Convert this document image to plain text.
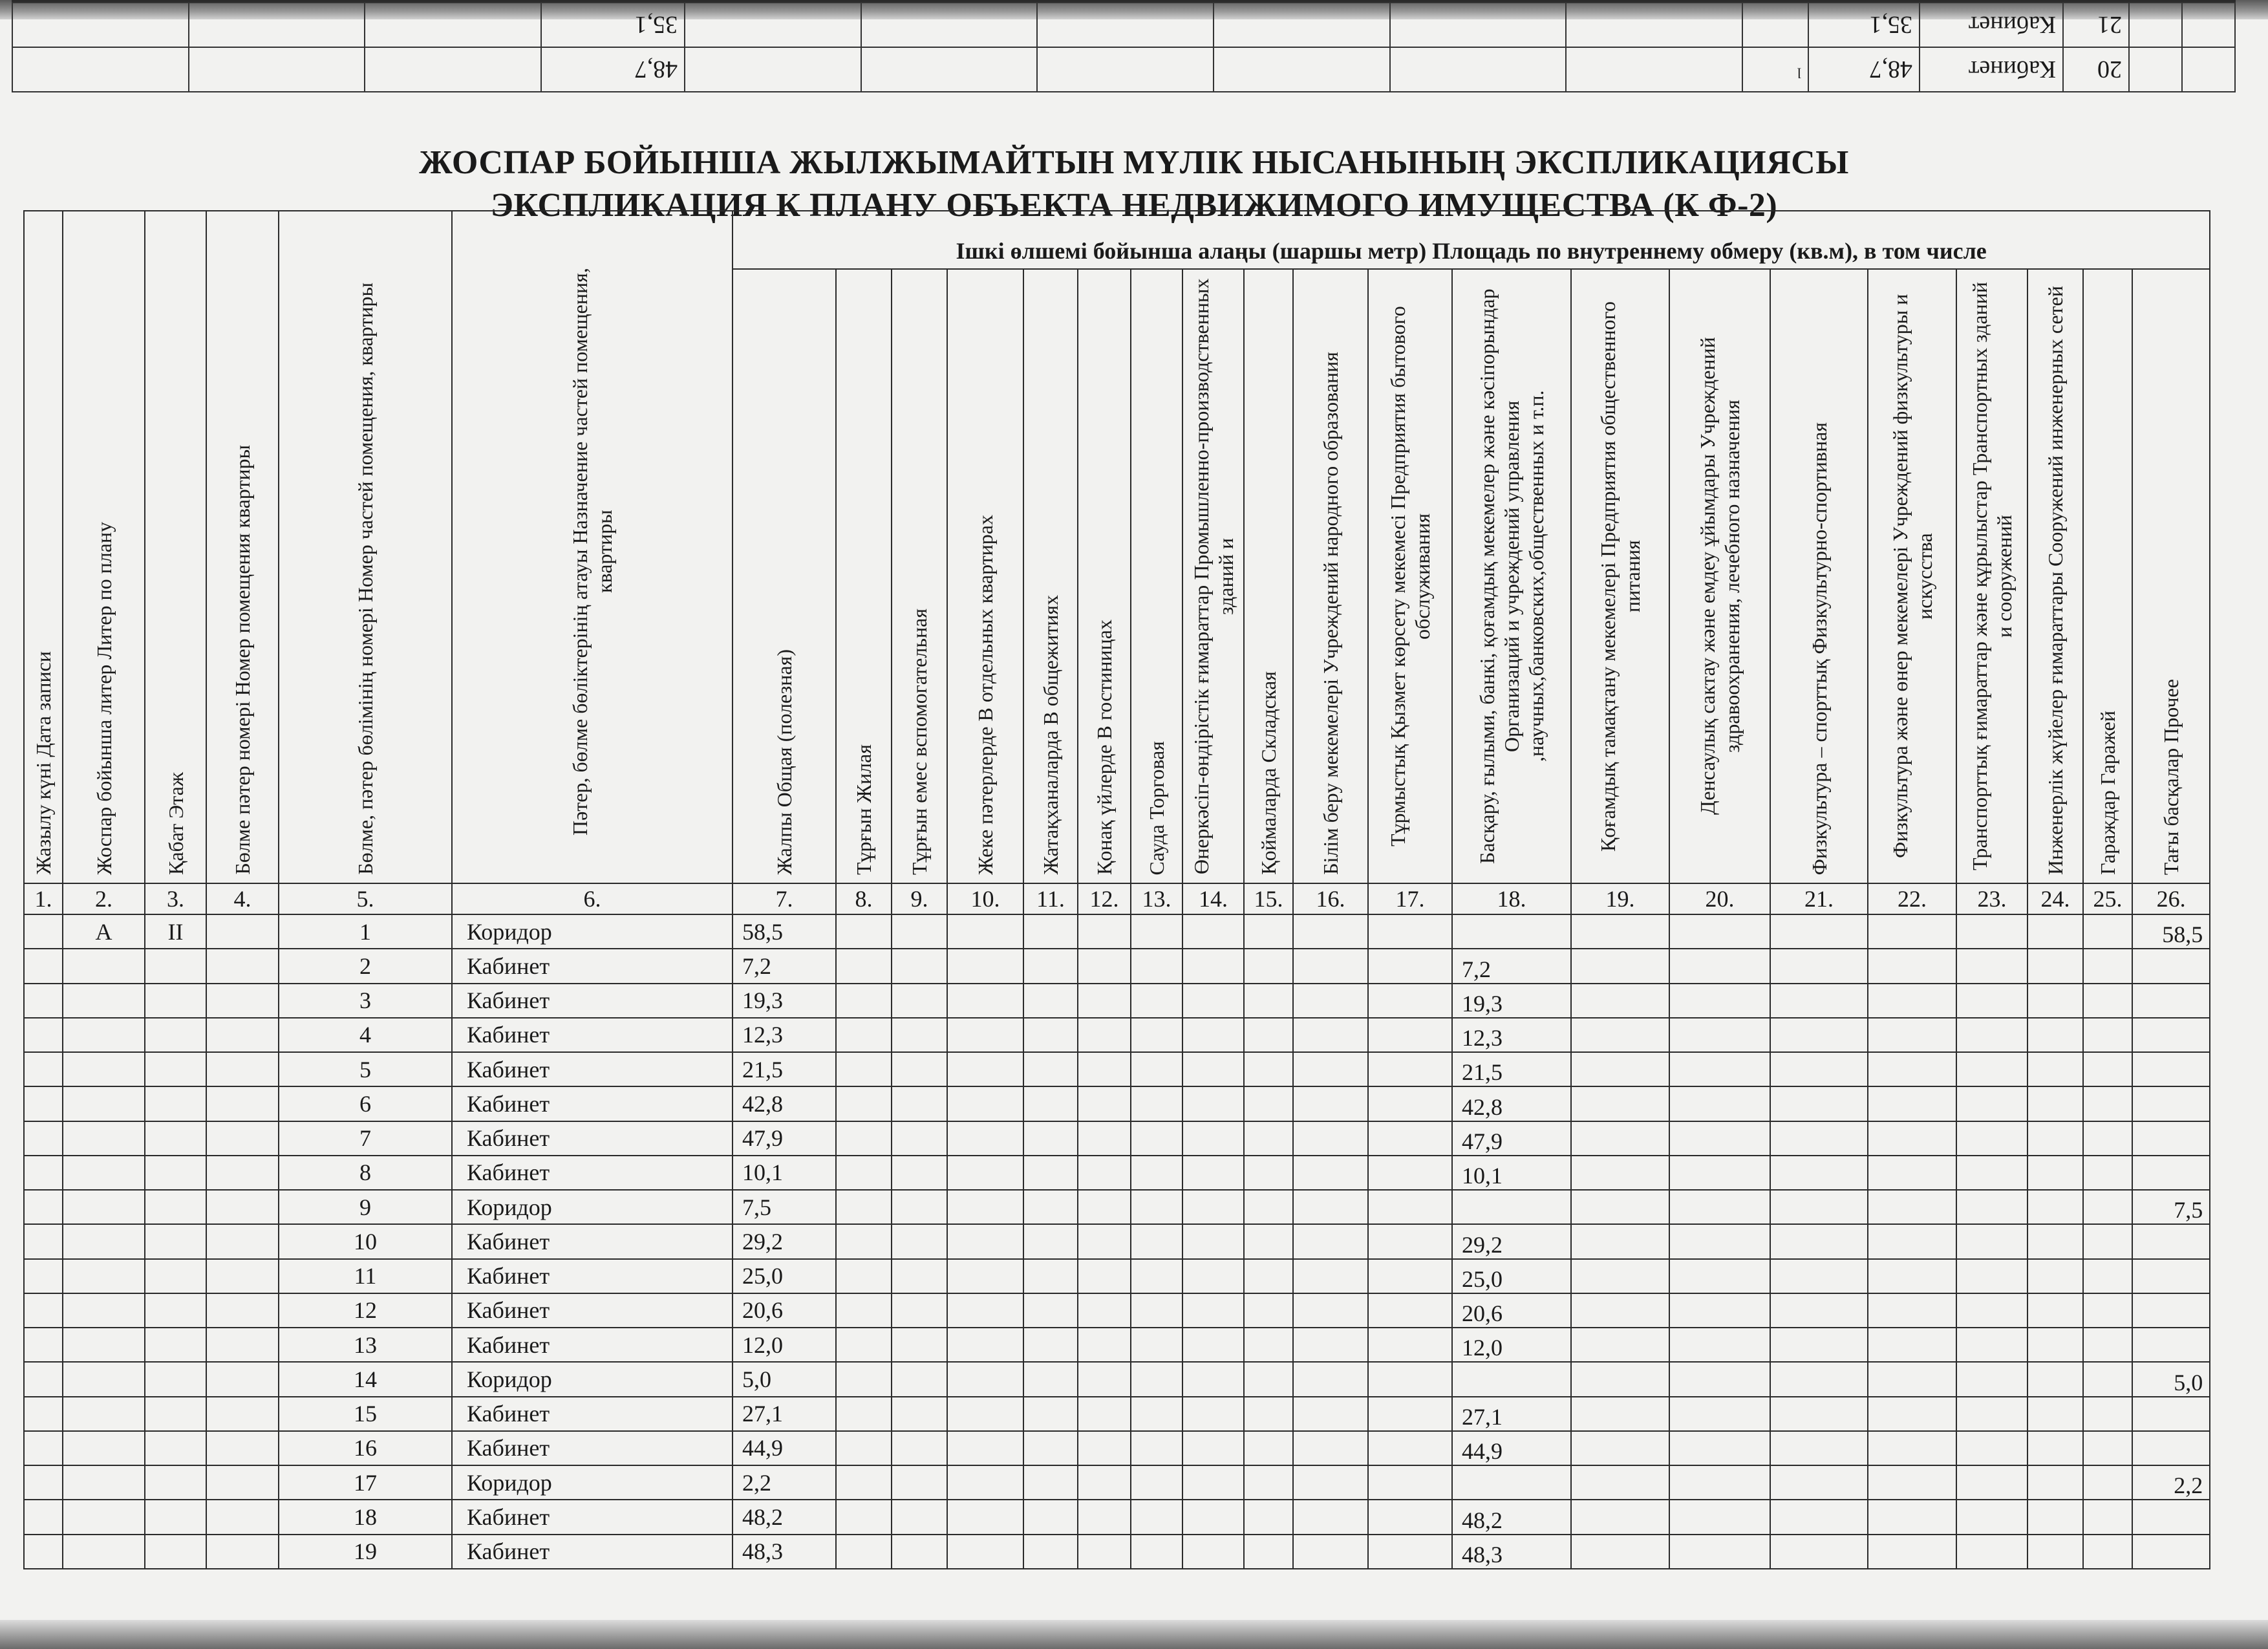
		20	Кабинет	48,7	ˡ							48,7			
		21	Кабинет	35,1								35,1			
ЖОСПАР БОЙЫНША ЖЫЛЖЫМАЙТЫН МҮЛІК НЫСАНЫНЫҢ ЭКСПЛИКАЦИЯСЫ
ЭКСПЛИКАЦИЯ К ПЛАНУ ОБЪЕКТА НЕДВИЖИМОГО ИМУЩЕСТВА (К Ф-2)
Жазылу күні Дата записи	Жоспар бойынша литер Литер по плану	Қабат Этаж	Бөлме пәтер номері Номер помещения квартиры	Бөлме, пәтер бөлімінің номері Номер частей помещения, квартиры	Пәтер, бөлме бөліктерінің атауы Назначение частей помещения, квартиры	Ішкі өлшемі бойынша алаңы (шаршы метр) Площадь по внутреннему обмеру (кв.м), в том числе																			

						Жалпы Общая (полезная)	Тұрғын Жилая	Тұрғын емес вспомогательная	Жеке пәтерлерде В отдельных квартирах	Жатақханаларда В общежитиях	Қонақ үйлерде В гостиницах	Сауда Торговая	Өнеркәсіп-өндірістік ғимараттар Промышленно-производственных зданий и	Қоймаларда Складская	Білім беру мекемелері Учреждений народного образования	Тұрмыстық Қызмет көрсету мекемесі Предприятия бытового обслуживания	Басқару, ғылыми, банкі, қоғамдық мекемелер және кәсіпорындар Организаций и учреждений управления ,научных,банковских,общественных и т.п.	Қоғамдық тамақтану мекемелері Предприятия общественного питания	Денсаулық сактау және емдеу ұйымдары Учреждений здравоохранения, лечебного назначения	Физкультура – спорттық Физкультурно-спортивная	Физкультура және өнер мекемелері Учреждений физкультуры и искусства	Транспорттық ғимараттар және құрылыстар Транспортных зданий и сооружений	Инженерлік жүйелер ғимараттары Сооружений инженерных сетей	Гараждар Гаражей	Тағы басқалар Прочее

1.	2.	3.	4.	5.	6.	7.	8.	9.	10.	11.	12.	13.	14.	15.	16.	17.	18.	19.	20.	21.	22.	23.	24.	25.	26.
	А	II		1	Коридор	58,5																			58,5
				2	Кабинет	7,2											7,2								
				3	Кабинет	19,3											19,3								
				4	Кабинет	12,3											12,3								
				5	Кабинет	21,5											21,5								
				6	Кабинет	42,8											42,8								
				7	Кабинет	47,9											47,9								
				8	Кабинет	10,1											10,1								
				9	Коридор	7,5																			7,5
				10	Кабинет	29,2											29,2								
				11	Кабинет	25,0											25,0								
				12	Кабинет	20,6											20,6								
				13	Кабинет	12,0											12,0								
				14	Коридор	5,0																			5,0
				15	Кабинет	27,1											27,1								
				16	Кабинет	44,9											44,9								
				17	Коридор	2,2																			2,2
				18	Кабинет	48,2											48,2								
				19	Кабинет	48,3											48,3								
